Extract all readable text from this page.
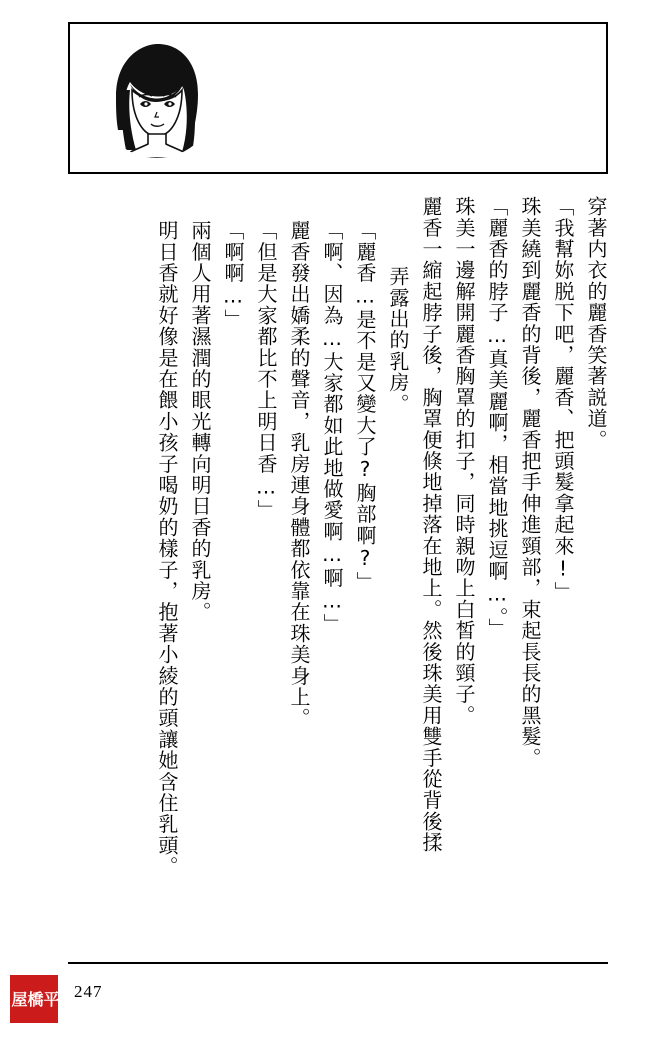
穿著内衣的麗香笑著説道。
「我幫妳脱下吧，麗香、把頭髮拿起來!」
珠美繞到麗香的背後，麗香把手伸進頸部，束起長長的黑髮。
「麗香的脖子…真美麗啊，相當地挑逗啊…。」
珠美一邊解開麗香胸罩的扣子，同時親吻上白皙的頸子。
麗香一縮起脖子後，胸罩便倏地掉落在地上。然後珠美用雙手從背後揉
弄露出的乳房。
「麗香…是不是又變大了?胸部啊?」
「啊、因為…大家都如此地做愛啊…啊…」
麗香發出嬌柔的聲音，乳房連身體都依靠在珠美身上。
「但是大家都比不上明日香…」
「啊啊…」
兩個人用著濕潤的眼光轉向明日香的乳房。
明日香就好像是在餵小孩子喝奶的樣子，抱著小綾的頭讓她含住乳頭。
247
平
橋
屋
